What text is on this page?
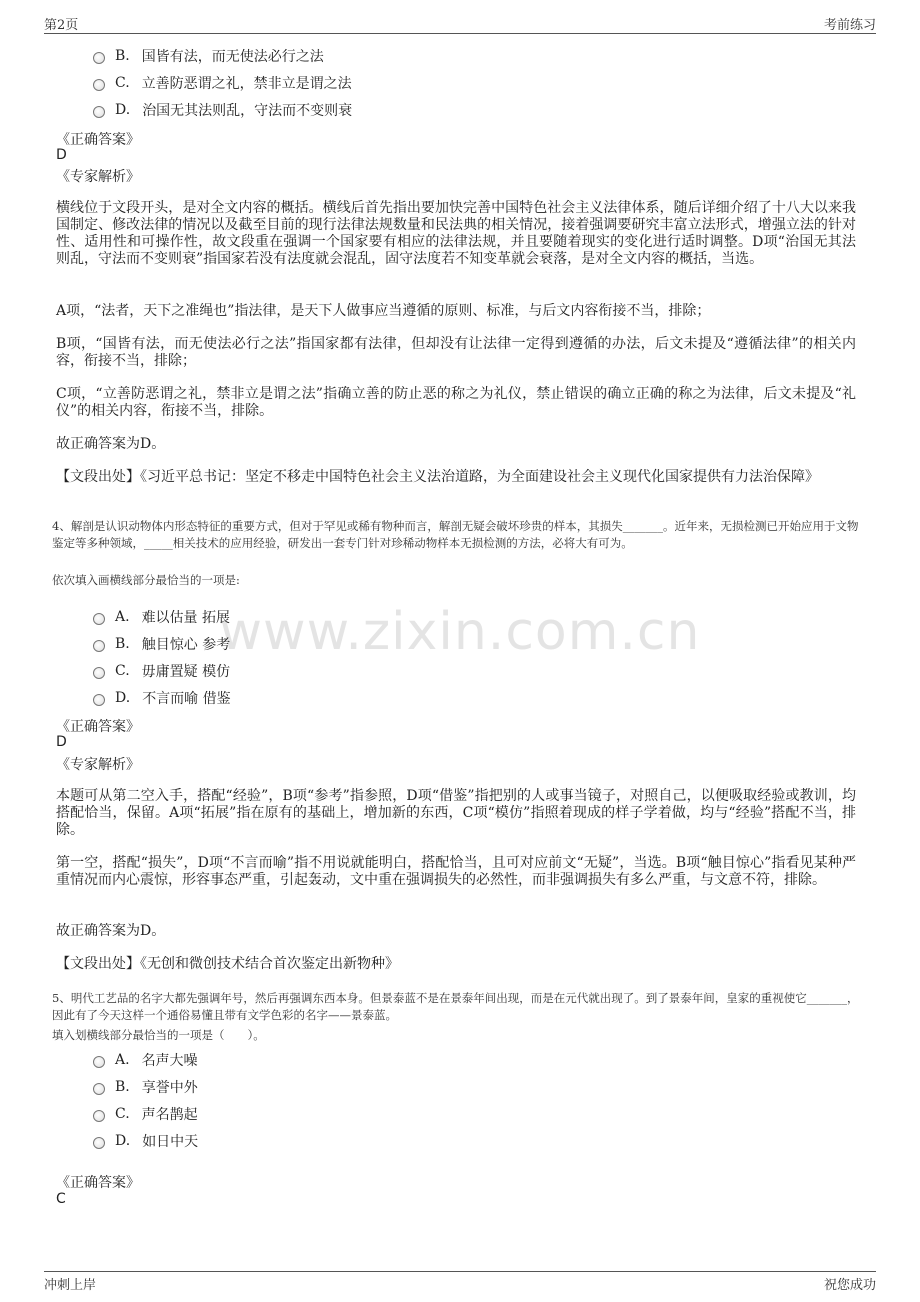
第2页	考前练习
www.zixin.com.cn
B. 国皆有法，而无使法必行之法
C. 立善防恶谓之礼，禁非立是谓之法
D. 治国无其法则乱，守法而不变则衰
《正确答案》
D
《专家解析》
横线位于文段开头，是对全文内容的概括。横线后首先指出要加快完善中国特色社会主义法律体系，随后详细介绍了十八大以来我国制定、修改法律的情况以及截至目前的现行法律法规数量和民法典的相关情况，接着强调要研究丰富立法形式，增强立法的针对性、适用性和可操作性，故文段重在强调一个国家要有相应的法律法规，并且要随着现实的变化进行适时调整。D项“治国无其法则乱，守法而不变则衰”指国家若没有法度就会混乱，固守法度若不知变革就会衰落，是对全文内容的概括，当选。
A项，“法者，天下之准绳也”指法律，是天下人做事应当遵循的原则、标准，与后文内容衔接不当，排除；
B项，“国皆有法，而无使法必行之法”指国家都有法律，但却没有让法律一定得到遵循的办法，后文未提及“遵循法律”的相关内容，衔接不当，排除；
C项，“立善防恶谓之礼，禁非立是谓之法”指确立善的防止恶的称之为礼仪，禁止错误的确立正确的称之为法律，后文未提及“礼仪”的相关内容，衔接不当，排除。
故正确答案为D。
【文段出处】《习近平总书记：坚定不移走中国特色社会主义法治道路，为全面建设社会主义现代化国家提供有力法治保障》
4、解剖是认识动物体内形态特征的重要方式，但对于罕见或稀有物种而言，解剖无疑会破坏珍贵的样本，其损失_______。近年来，无损检测已开始应用于文物鉴定等多种领域，_____相关技术的应用经验，研发出一套专门针对珍稀动物样本无损检测的方法，必将大有可为。
依次填入画横线部分最恰当的一项是:
A. 难以估量 拓展
B. 触目惊心 参考
C. 毋庸置疑 模仿
D. 不言而喻 借鉴
《正确答案》
D
《专家解析》
本题可从第二空入手，搭配“经验”，B项“参考”指参照，D项“借鉴”指把别的人或事当镜子，对照自己，以便吸取经验或教训，均搭配恰当，保留。A项“拓展”指在原有的基础上，增加新的东西，C项“模仿”指照着现成的样子学着做，均与“经验”搭配不当，排除。
第一空，搭配“损失”，D项“不言而喻”指不用说就能明白，搭配恰当，且可对应前文“无疑”，当选。B项“触目惊心”指看见某种严重情况而内心震惊，形容事态严重，引起轰动，文中重在强调损失的必然性，而非强调损失有多么严重，与文意不符，排除。
故正确答案为D。
【文段出处】《无创和微创技术结合首次鉴定出新物种》
5、明代工艺品的名字大都先强调年号，然后再强调东西本身。但景泰蓝不是在景泰年间出现，而是在元代就出现了。到了景泰年间，皇家的重视使它_______，因此有了今天这样一个通俗易懂且带有文学色彩的名字——景泰蓝。
填入划横线部分最恰当的一项是（　　）。
A. 名声大噪
B. 享誉中外
C. 声名鹊起
D. 如日中天
《正确答案》
C
冲刺上岸	祝您成功
